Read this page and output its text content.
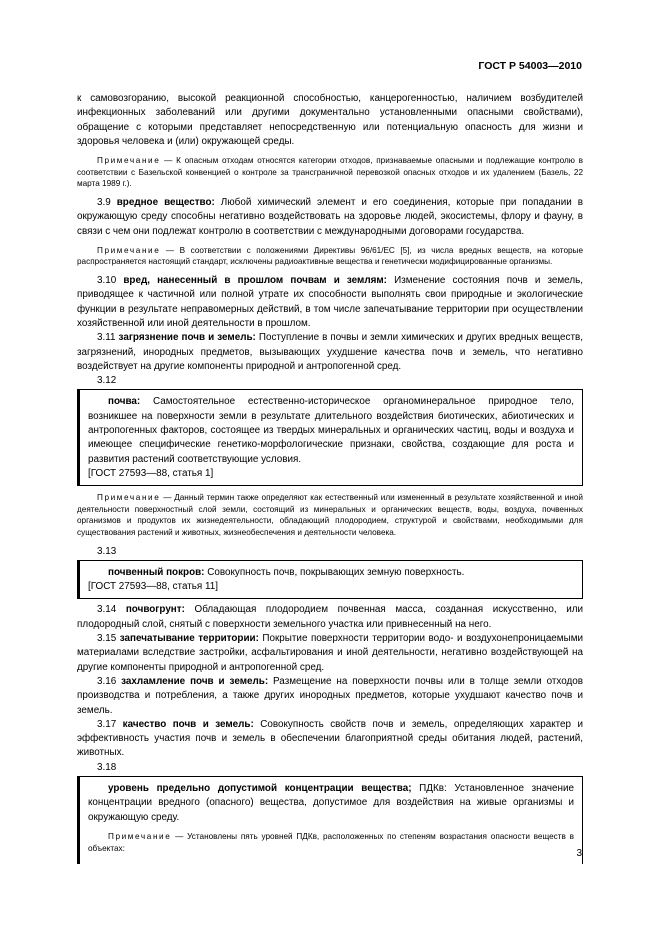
ГОСТ Р 54003—2010

к самовозгоранию, высокой реакционной способностью, канцерогенностью, наличием возбудителей инфекционных заболеваний или другими документально установленными опасными свойствами), обращение с которыми представляет непосредственную или потенциальную опасность для жизни и здоровья человека и (или) окружающей среды.

Примечание — К опасным отходам относятся категории отходов, признаваемые опасными и подлежащие контролю в соответствии с Базельской конвенцией о контроле за трансграничной перевозкой опасных отходов и их удалением (Базель, 22 марта 1989 г.).

3.9 вредное вещество: Любой химический элемент и его соединения, которые при попадании в окружающую среду способны негативно воздействовать на здоровье людей, экосистемы, флору и фауну, в связи с чем они подлежат контролю в соответствии с международными договорами государства.

Примечание — В соответствии с положениями Директивы 96/61/ЕС [5], из числа вредных веществ, на которые распространяется настоящий стандарт, исключены радиоактивные вещества и генетически модифицированные организмы.

3.10 вред, нанесенный в прошлом почвам и землям: Изменение состояния почв и земель, приводящее к частичной или полной утрате их способности выполнять свои природные и экологические функции в результате неправомерных действий, в том числе запечатывание территории при осуществлении хозяйственной или иной деятельности в прошлом.

3.11 загрязнение почв и земель: Поступление в почвы и земли химических и других вредных веществ, загрязнений, инородных предметов, вызывающих ухудшение качества почв и земель, что негативно воздействует на другие компоненты природной и антропогенной сред.

3.12

почва: Самостоятельное естественно-историческое органоминеральное природное тело, возникшее на поверхности земли в результате длительного воздействия биотических, абиотических и антропогенных факторов, состоящее из твердых минеральных и органических частиц, воды и воздуха и имеющее специфические генетико-морфологические признаки, свойства, создающие для роста и развития растений соответствующие условия.

[ГОСТ 27593—88, статья 1]

Примечание — Данный термин также определяют как естественный или измененный в результате хозяйственной и иной деятельности поверхностный слой земли, состоящий из минеральных и органических веществ, воды, воздуха, почвенных организмов и продуктов их жизнедеятельности, обладающий плодородием, структурой и свойствами, необходимыми для существования растений и животных, жизнеобеспечения и деятельности человека.

3.13

почвенный покров: Совокупность почв, покрывающих земную поверхность.

[ГОСТ 27593—88, статья 11]

3.14 почвогрунт: Обладающая плодородием почвенная масса, созданная искусственно, или плодородный слой, снятый с поверхности земельного участка или привнесенный на него.

3.15 запечатывание территории: Покрытие поверхности территории водо- и воздухонепроницаемыми материалами вследствие застройки, асфальтирования и иной деятельности, негативно воздействующей на другие компоненты природной и антропогенной сред.

3.16 захламление почв и земель: Размещение на поверхности почвы или в толще земли отходов производства и потребления, а также других инородных предметов, которые ухудшают качество почв и земель.

3.17 качество почв и земель: Совокупность свойств почв и земель, определяющих характер и эффективность участия почв и земель в обеспечении благоприятной среды обитания людей, растений, животных.

3.18

уровень предельно допустимой концентрации вещества; ПДКв: Установленное значение концентрации вредного (опасного) вещества, допустимое для воздействия на живые организмы и окружающую среду.

Примечание — Установлены пять уровней ПДКв, расположенных по степеням возрастания опасности веществ в объектах:	3
